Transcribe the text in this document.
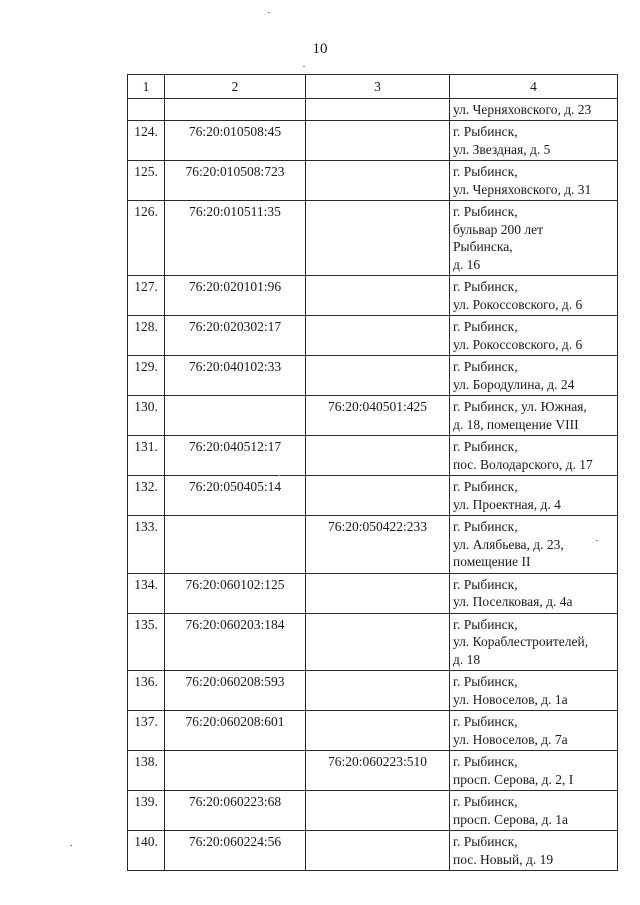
10
1	2	3	4

			ул. Черняховского, д. 23

124.	76:20:010508:45		г. Рыбинск,
ул. Звездная, д. 5

125.	76:20:010508:723		г. Рыбинск,
ул. Черняховского, д. 31

126.	76:20:010511:35		г. Рыбинск,
бульвар 200 лет
Рыбинска,
д. 16

127.	76:20:020101:96		г. Рыбинск,
ул. Рокоссовского, д. 6

128.	76:20:020302:17		г. Рыбинск,
ул. Рокоссовского, д. 6

129.	76:20:040102:33		г. Рыбинск,
ул. Бородулина, д. 24

130.		76:20:040501:425	г. Рыбинск, ул. Южная,
д. 18, помещение VIII

131.	76:20:040512:17		г. Рыбинск,
пос. Володарского, д. 17

132.	76:20:050405:14		г. Рыбинск,
ул. Проектная, д. 4

133.		76:20:050422:233	г. Рыбинск,
ул. Алябьева, д. 23,
помещение II

134.	76:20:060102:125		г. Рыбинск,
ул. Поселковая, д. 4а

135.	76:20:060203:184		г. Рыбинск,
ул. Кораблестроителей,
д. 18

136.	76:20:060208:593		г. Рыбинск,
ул. Новоселов, д. 1а

137.	76:20:060208:601		г. Рыбинск,
ул. Новоселов, д. 7а

138.		76:20:060223:510	г. Рыбинск,
просп. Серова, д. 2, I

139.	76:20:060223:68		г. Рыбинск,
просп. Серова, д. 1а

140.	76:20:060224:56		г. Рыбинск,
пос. Новый, д. 19
